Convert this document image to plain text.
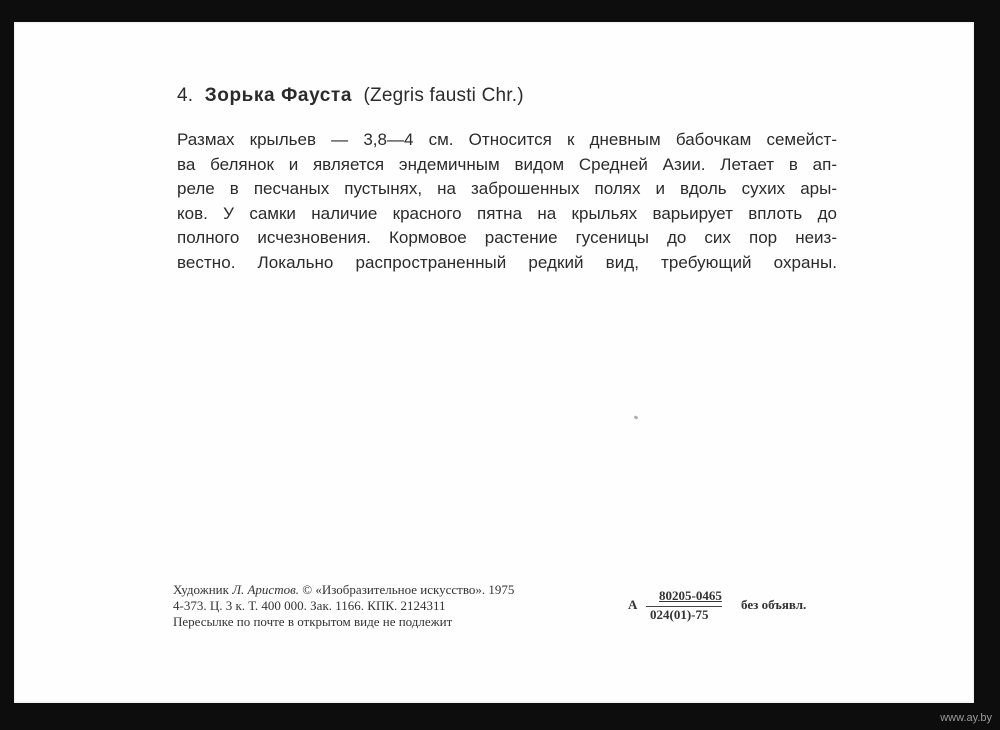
4. Зорька Фауста (Zegris fausti Chr.)
Размах крыльев — 3,8—4 см. Относится к дневным бабочкам семейст-
ва белянок и является эндемичным видом Средней Азии. Летает в ап-
реле в песчаных пустынях, на заброшенных полях и вдоль сухих ары-
ков. У самки наличие красного пятна на крыльях варьирует вплоть до
полного исчезновения. Кормовое растение гусеницы до сих пор неиз-
вестно. Локально распространенный редкий вид, требующий охраны.
Художник Л. Аристов. © «Изобразительное искусство». 1975
4-373. Ц. 3 к. Т. 400 000. Зак. 1166. КПК. 2124311
Пересылке по почте в открытом виде не подлежит
А $\frac{80205-0465}{024(01)-75}$ без объявл.
www.ay.by
